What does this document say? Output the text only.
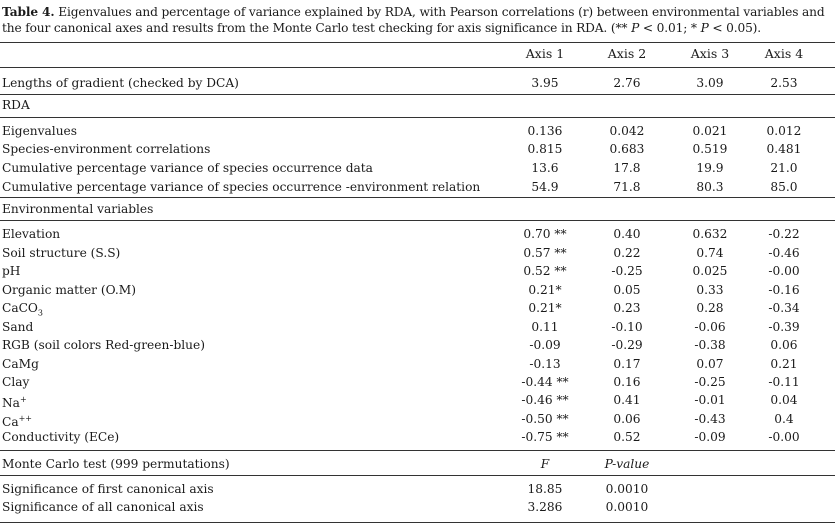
Table 4. Eigenvalues and percentage of variance explained by RDA, with Pearson correlations (r) between environmental variables and the four canonical axes and results from the Monte Carlo test checking for axis significance in RDA. (** P < 0.01; * P < 0.05).
Axis 1	Axis 2	Axis 3	Axis 4
Lengths of gradient (checked by DCA)	3.95	2.76	3.09	2.53
RDA
Eigenvalues	0.136	0.042	0.021	0.012
Species-environment correlations	0.815	0.683	0.519	0.481
Cumulative percentage variance of species occurrence data	13.6	17.8	19.9	21.0
Cumulative percentage variance of species occurrence -environment relation	54.9	71.8	80.3	85.0
Environmental variables
Elevation	0.70 **	0.40	0.632	-0.22
Soil structure (S.S)	0.57 **	0.22	0.74	-0.46
pH	0.52 **	-0.25	0.025	-0.00
Organic matter (O.M)	0.21*	0.05	0.33	-0.16
CaCO$_3$	0.21*	0.23	0.28	-0.34
Sand	0.11	-0.10	-0.06	-0.39
RGB (soil colors Red-green-blue)	-0.09	-0.29	-0.38	0.06
CaMg	-0.13	0.17	0.07	0.21
Clay	-0.44 **	0.16	-0.25	-0.11
Na+	-0.46 **	0.41	-0.01	0.04
Ca++	-0.50 **	0.06	-0.43	0.4
Conductivity (ECe)	-0.75 **	0.52	-0.09	-0.00
Monte Carlo test (999 permutations)	F	P-value
Significance of first canonical axis	18.85	0.0010
Significance of all canonical axis	3.286	0.0010
